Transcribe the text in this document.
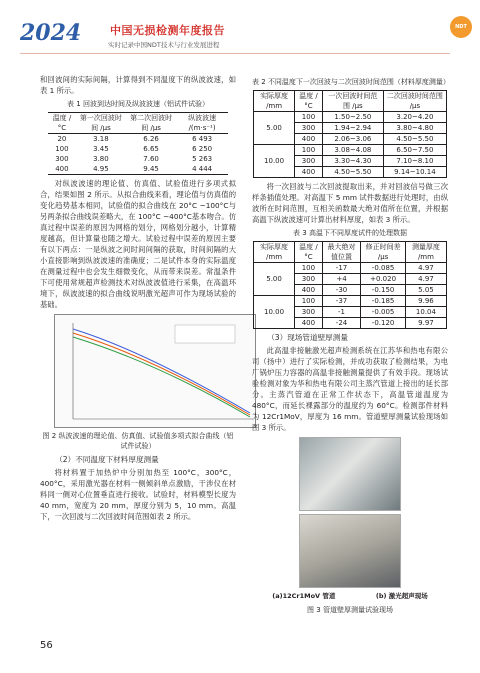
2024	中国无损检测年度报告
实时记录中国NDT技术与行业发展进程
NDT

和回波间的实际间隔，计算得到不同温度下的纵波波速，如表 1 所示。

表 1 回波到达时间及纵波波速（铝试件试验）
温度 /°C	第一次回波时间 /μs	第二次回波时间 /μs	纵波波速 /(m·s⁻¹)
20	3.18	6.26	6 493
100	3.45	6.65	6 250
300	3.80	7.60	5 263
400	4.95	9.45	4 444

对纵波波速的理论值、仿真值、试验值进行多项式拟合，结果如图 2 所示。从拟合曲线来看，理论值与仿真值的变化趋势基本相同，试验值的拟合曲线在 20°C ~100°C与另两条拟合曲线误差略大，在 100°C ~400°C基本吻合。仿真过程中误差的原因为网格的划分，网格划分越小，计算精度越高，但计算量也随之增大。试验过程中误差的原因主要有以下两点：一是纵波之间时间间隔的获取，时间间隔的大小直接影响到纵波波速的准确度；二是试件本身的实际温度在测量过程中也会发生细微变化，从而带来误差。常温条件下可使用常规超声检测技术对纵波波值进行采集，在高温环境下，纵波波速的拟合曲线说明激光超声可作为现场试验的基础。

图 2 纵波波速的理论值、仿真值、试验值多项式拟合曲线（铝试件试验）
（2）不同温度下材料厚度测量

将材料置于加热炉中分别加热至 100°C，300°C，400°C，采用激光器在材料一侧倾斜单点激励，干涉仪在材料同一侧对心位置垂直进行接收。试验时，材料模型长度为 40 mm，宽度为 20 mm，厚度分别为 5，10 mm。高温下，一次回波与二次回波时间范围如表 2 所示。

表 2 不同温度下一次回波与二次回波时间范围（材料厚度测量）
实际厚度 /mm	温度 /°C	一次回波时间范围 /μs	二次回波时间范围 /μs
5.00	100	1.50~2.50	3.20~4.20
	300	1.94~2.94	3.80~4.80
	400	2.06~3.06	4.50~5.50
10.00	100	3.08~4.08	6.50~7.50
	300	3.30~4.30	7.10~8.10
	400	4.50~5.50	9.14~10.14

将一次回波与二次回波提取出来，并对回波信号做三次样条插值处理。对高温下 5 mm 试件数据进行处理时，由纵波所在时间范围，互相关函数最大绝对值所在位置，并根据高温下纵波波速可计算出材料厚度，如表 3 所示。

表 3 高温下不同厚度试件的处理数据
实际厚度 /mm	温度 /°C	最大绝对值位置	修正时间差 /μs	测量厚度 /mm
5.00	100	-17	-0.085	4.97
	300	+4	+0.020	4.97
	400	-30	-0.150	5.05
10.00	100	-37	-0.185	9.96
	300	-1	-0.005	10.04
	400	-24	-0.120	9.97
（3）现场管道壁厚测量

此高温非接触激光超声检测系统在江苏华和热电有限公司（扬中）进行了实际检测，并成功获取了检测结果，为电厂锅炉压力容器的高温非接触测量提供了有效手段。现场试验检测对象为华和热电有限公司主蒸汽管道上接出的延长部分。主蒸汽管道在正常工作状态下，高温管道温度为 480°C，而延长裸露部分的温度约为 60°C。检测部件材料为 12Cr1MoV，厚度为 16 mm。管道壁厚测量试验现场如图 3 所示。

(a)12Cr1MoV 管道	(b) 激光超声现场
图 3 管道壁厚测量试验现场
56
